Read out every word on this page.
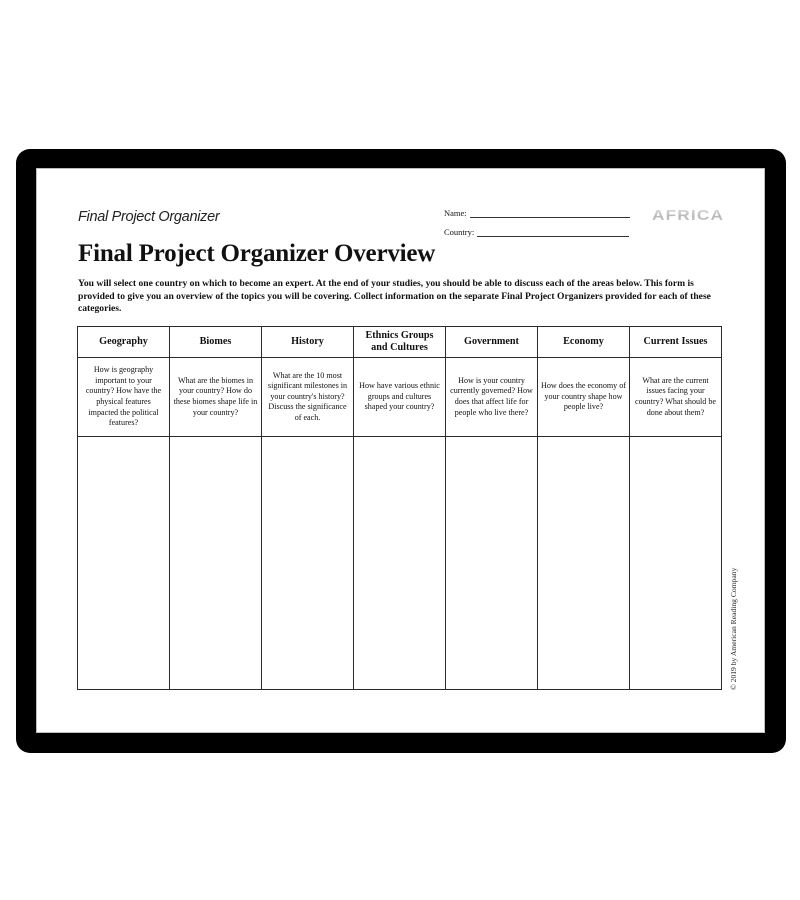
Final Project Organizer	Name:
Country:
AFRICA
Final Project Organizer Overview

You will select one country on which to become an expert. At the end of your studies, you should be able to discuss each of the areas below. This form is provided to give you an overview of the topics you will be covering. Collect information on the separate Final Project Organizers provided for each of these categories.

Geography	Biomes	History	Ethnics Groups and Cultures	Government	Economy	Current Issues
How is geography important to your country? How have the physical features impacted the political features?	What are the biomes in your country? How do these biomes shape life in your country?	What are the 10 most significant milestones in your country's history? Discuss the significance of each.	How have various ethnic groups and cultures shaped your country?	How is your country currently governed? How does that affect life for people who live there?	How does the economy of your country shape how people live?	What are the current issues facing your country? What should be done about them?

© 2019 by American Reading Company
